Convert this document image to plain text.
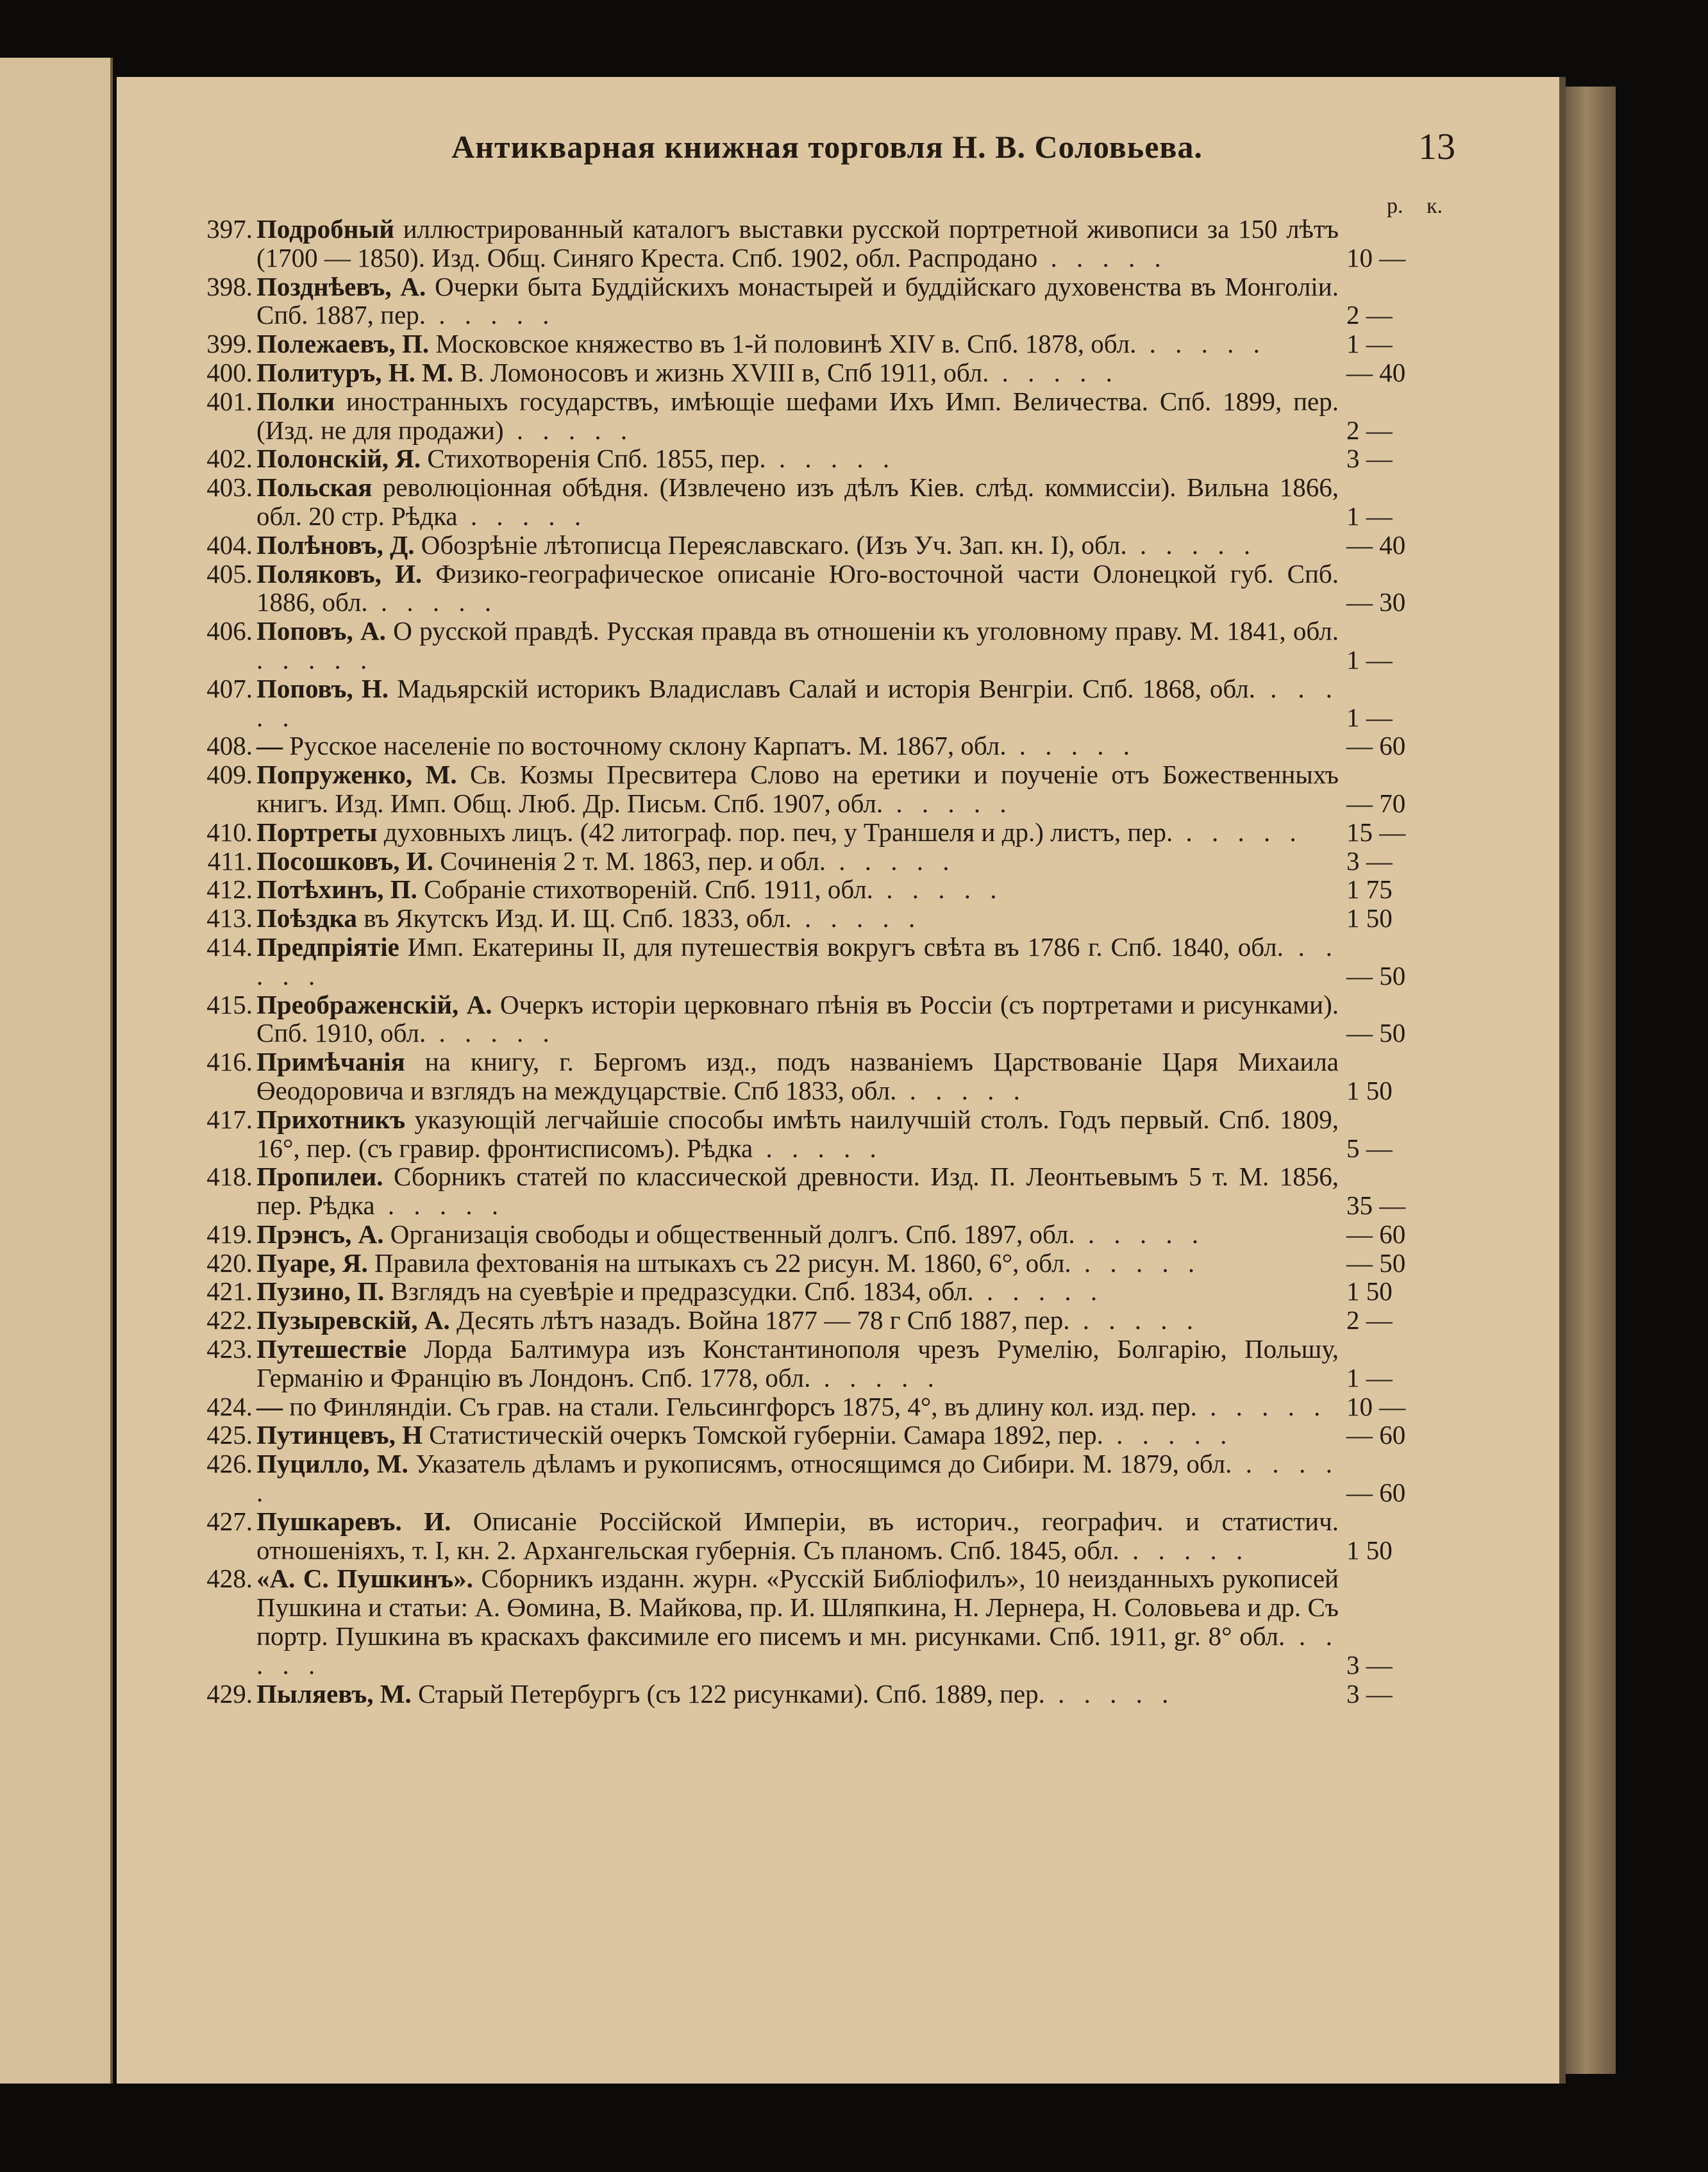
Антикварная книжная торговля Н. В. Соловьева.	13
р. к.
397. Подробный иллюстрированный каталогъ выставки русской портретной живописи за 150 лѣтъ (1700 — 1850). Изд. Общ. Синяго Креста. Спб. 1902, обл. Распродано . . . . .	10 —
398. Позднѣевъ, А. Очерки быта Буддійскихъ монастырей и буддійскаго духовенства въ Монголіи. Спб. 1887, пер. . . . . .	2 —
399. Полежаевъ, П. Московское княжество въ 1-й половинѣ XIV в. Спб. 1878, обл. . . . . .	1 —
400. Политуръ, Н. М. В. Ломоносовъ и жизнь XVIII в, Спб 1911, обл. . . . . .	— 40
401. Полки иностранныхъ государствъ, имѣющіе шефами Ихъ Имп. Величества. Спб. 1899, пер. (Изд. не для продажи) . . . . .	2 —
402. Полонскій, Я. Стихотворенія Спб. 1855, пер. . . . . .	3 —
403. Польская революціонная обѣдня. (Извлечено изъ дѣлъ Кiев. слѣд. коммиссіи). Вильна 1866, обл. 20 стр. Рѣдка . . . . .	1 —
404. Полѣновъ, Д. Обозрѣніе лѣтописца Переяславскаго. (Изъ Уч. Зап. кн. I), обл. . . . . .	— 40
405. Поляковъ, И. Физико-географическое описаніе Юго-восточной части Олонецкой губ. Спб. 1886, обл. . . . . .	— 30
406. Поповъ, А. О русской правдѣ. Русская правда въ отношеніи къ уголовному праву. М. 1841, обл. . . . . .	1 —
407. Поповъ, Н. Мадьярскій историкъ Владиславъ Салай и исторія Венгріи. Спб. 1868, обл. . . . . .	1 —
408. — Русское населеніе по восточному склону Карпатъ. М. 1867, обл. . . . . .	— 60
409. Попруженко, М. Св. Козмы Пресвитера Слово на еретики и поученіе отъ Божественныхъ книгъ. Изд. Имп. Общ. Люб. Др. Письм. Спб. 1907, обл. . . . . .	— 70
410. Портреты духовныхъ лицъ. (42 литограф. пор. печ, у Траншеля и др.) листъ, пер. . . . . .	15 —
411. Посошковъ, И. Сочиненія 2 т. М. 1863, пер. и обл. . . . . .	3 —
412. Потѣхинъ, П. Собраніе стихотвореній. Спб. 1911, обл. . . . . .	1 75
413. Поѣздка въ Якутскъ Изд. И. Щ. Спб. 1833, обл. . . . . .	1 50
414. Предпріятіе Имп. Екатерины II, для путешествія вокругъ свѣта въ 1786 г. Спб. 1840, обл. . . . . .	— 50
415. Преображенскій, А. Очеркъ исторіи церковнаго пѣнія въ Россіи (съ портретами и рисунками). Спб. 1910, обл. . . . . .	— 50
416. Примѣчанія на книгу, г. Бергомъ изд., подъ названіемъ Царствованіе Царя Михаила Өеодоровича и взглядъ на междуцарствіе. Спб 1833, обл. . . . . .	1 50
417. Прихотникъ указующій легчайшіе способы имѣть наилучшій столъ. Годъ первый. Спб. 1809, 16°, пер. (съ гравир. фронтисписомъ). Рѣдка . . . . .	5 —
418. Пропилеи. Сборникъ статей по классической древности. Изд. П. Леонтьевымъ 5 т. М. 1856, пер. Рѣдка . . . . .	35 —
419. Прэнсъ, А. Организація свободы и общественный долгъ. Спб. 1897, обл. . . . . .	— 60
420. Пуаре, Я. Правила фехтованія на штыкахъ съ 22 рисун. М. 1860, 6°, обл. . . . . .	— 50
421. Пузино, П. Взглядъ на суевѣріе и предразсудки. Спб. 1834, обл. . . . . .	1 50
422. Пузыревскій, А. Десять лѣтъ назадъ. Война 1877 — 78 г Спб 1887, пер. . . . . .	2 —
423. Путешествіе Лорда Балтимура изъ Константинополя чрезъ Румелію, Болгарію, Польшу, Германію и Францію въ Лондонъ. Спб. 1778, обл. . . . . .	1 —
424. — по Финляндіи. Съ грав. на стали. Гельсингфорсъ 1875, 4°, въ длину кол. изд. пер. . . . . . 10 —
425. Путинцевъ, Н Статистическій очеркъ Томской губерніи. Самара 1892, пер. . . . . .	— 60
426. Пуцилло, М. Указатель дѣламъ и рукописямъ, относящимся до Сибири. М. 1879, обл. . . . . .	— 60
427. Пушкаревъ. И. Описаніе Россійской Имперіи, въ историч., географич. и статистич. отношеніяхъ, т. I, кн. 2. Архангельская губернія. Съ планомъ. Спб. 1845, обл. . . . . .	1 50
428. «А. С. Пушкинъ». Сборникъ изданн. журн. «Русскій Библіофилъ», 10 неизданныхъ рукописей Пушкина и статьи: А. Өомина, В. Майкова, пр. И. Шляпкина, Н. Лернера, Н. Соловьева и др. Съ портр. Пушкина въ краскахъ факсимиле его писемъ и мн. рисунками. Спб. 1911, gr. 8° обл. . . . . .	3 —
429. Пыляевъ, М. Старый Петербургъ (съ 122 рисунками). Спб. 1889, пер. . . . . .	3 —
